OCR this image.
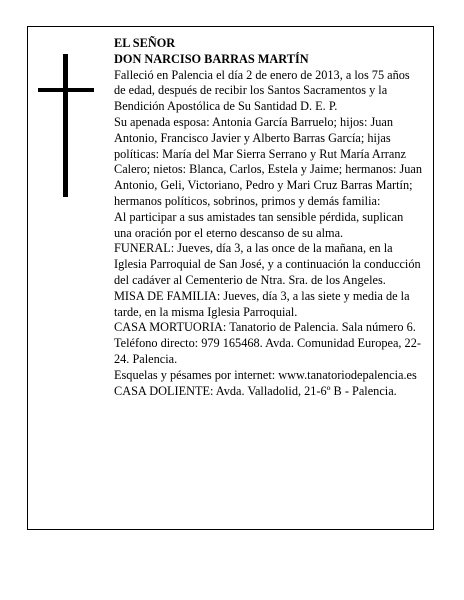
EL SEÑOR

DON NARCISO BARRAS MARTÍN

Falleció en Palencia el día 2 de enero de 2013, a los 75 años de edad, después de recibir los Santos Sacramentos y la Bendición Apostólica de Su Santidad D. E. P.

Su apenada esposa: Antonia García Barruelo; hijos: Juan Antonio, Francisco Javier y Alberto Barras García; hijas políticas: María del Mar Sierra Serrano y Rut María Arranz Calero; nietos: Blanca, Carlos, Estela y Jaime; hermanos: Juan Antonio, Geli, Victoriano, Pedro y Mari Cruz Barras Martín; hermanos políticos, sobrinos, primos y demás familia:

Al participar a sus amistades tan sensible pérdida, suplican una oración por el eterno descanso de su alma.

FUNERAL: Jueves, día 3, a las once de la mañana, en la Iglesia Parroquial de San José, y a continuación la conducción del cadáver al Cementerio de Ntra. Sra. de los Angeles.

MISA DE FAMILIA: Jueves, día 3, a las siete y media de la tarde, en la misma Iglesia Parroquial.

CASA MORTUORIA: Tanatorio de Palencia. Sala número 6. Teléfono directo: 979 165468. Avda. Comunidad Europea, 22-24. Palencia.

Esquelas y pésames por internet: www.tanatoriodepalencia.es

CASA DOLIENTE: Avda. Valladolid, 21-6º B - Palencia.
